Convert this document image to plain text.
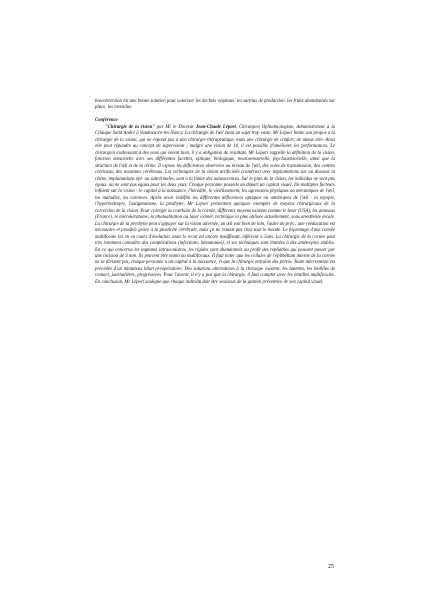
bioconversion est une bonne solution pour valoriser les déchets végétaux, les surplus de production, les fruits abandonnés sur place, les invendus.

Conférence

"Chirurgie de la vision" par Mr le Docteur Jean-Claude Lépori, Chirurgien Ophtalmologiste, Administrateur à la Clinique Saint André à Vandoeuvre-lès-Nancy. La chirurgie de l'œil étant un sujet trop vaste, Mr Lépori limite son propos à la chirurgie de la vision, qui ne répond pas à une chirurgie thérapeutique, mais une chirurgie de confort, de mieux être. Ainsi elle peut répondre au concept de supervision ; malgré une vision de 10, il est possible d'améliorer les performances. Le chirurgien s'adressant à des yeux qui voient bien, il y a obligation de résultats. Mr Lépori rappelle la définition de la vision, fonction sensorielle avec ses différentes facettes, optique, biologique, neurosensorielle, psychosensorielle, ainsi que la structure de l'œil et de la rétine. Il expose les déficiences observées au niveau de l'œil, des voies de transmission, des centres corticaux, des neurones cérébraux. Les techniques de la vision artificielle (caméras) avec implantations sur ou dessous la rétine, implantations épi- ou subrétinales, sont à la limite des nanosciences. Sur le plan de la vision, les individus ne sont pas égaux, ou ne sont pas égaux pour les deux yeux. Chaque personne possède au départ un capital visuel. De multiples facteurs influent sur la vision : le capital à la naissance, l'hérédité, le vieillissement, les agressions physiques ou mécaniques de l'œil, les maladies, les carences. Après avoir redéfini les différentes déficiences optiques ou amétropies de l'œil : la myopie, l'hypermétropie, l'astigmatisme, la presbytie, Mr Lépori présentent quelques exemples de moyens chirurgicaux de la correction de la vision. Pour corriger la courbure de la cornée, différents moyens existent comme le laser (USA), les anneaux (France), le microkératome, la photoablation au laser eximer, technique la plus utilisée actuellement, sous anesthésie locale. La chirurgie de la presbytie peut s'appuyer sur la vision alternée, un œil voit bien de loin, l'autre de près ; une rééducation est nécessaire et possible grâce à la plasticité cérébrale, mais ça ne réussit pas chez tout le monde. Le façonnage d'une cornée multifocale est en en cours d'évolution, mais le recul est encore insuffisant, inférieur à 5ans. La chirurgie de la cornée peut très rarement connaître des complications (infections, hématomes), et ses techniques sont limitées à des amétropies stables. En ce qui concerne les implants intraoculaires, les rigides sont abandonnés au profit des repliables qui peuvent passer par une incision de 3 mm. Ils peuvent être mono ou multifocaux. Il faut noter que les cellules de l'épithélium interne de la cornée ne se divisent pas, chaque personne a un capital à la naissance, et que la chirurgie entraîne des pertes. Toute intervention est précédée d'un minutieux bilan préopératoire. Des solutions alternatives à la chirurgie existent, les lunettes, les lentilles de contact, journalières, progressives. Pour l'avenir, il n'y a pas que la chirurgie, il faut compter avec les lentilles multifocales. En conclusion, Mr Lépori souligne que chaque individu doit être soucieux de la gestion préventive de son capital visuel.

25
